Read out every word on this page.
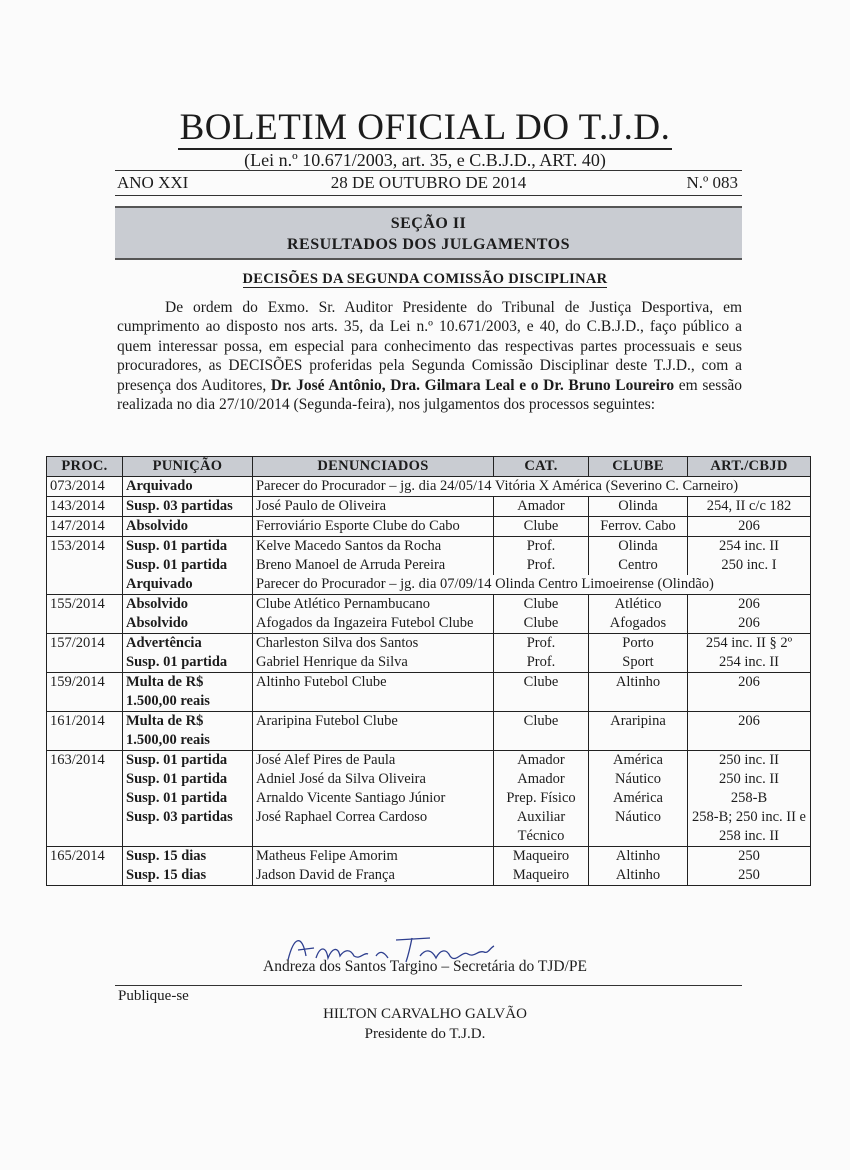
BOLETIM OFICIAL DO T.J.D.
(Lei n.º 10.671/2003, art. 35, e C.B.J.D., ART. 40)
ANO XXI	28 DE OUTUBRO DE 2014	N.º 083
SEÇÃO II
RESULTADOS DOS JULGAMENTOS
DECISÕES DA SEGUNDA COMISSÃO DISCIPLINAR

De ordem do Exmo. Sr. Auditor Presidente do Tribunal de Justiça Desportiva, em cumprimento ao disposto nos arts. 35, da Lei n.º 10.671/2003, e 40, do C.B.J.D., faço público a quem interessar possa, em especial para conhecimento das respectivas partes processuais e seus procuradores, as DECISÕES proferidas pela Segunda Comissão Disciplinar deste T.J.D., com a presença dos Auditores, Dr. José Antônio, Dra. Gilmara Leal e o Dr. Bruno Loureiro em sessão realizada no dia 27/10/2014 (Segunda-feira), nos julgamentos dos processos seguintes:

PROC.	PUNIÇÃO	DENUNCIADOS	CAT.	CLUBE	ART./CBJD
073/2014	Arquivado	Parecer do Procurador – jg. dia 24/05/14 Vitória X América (Severino C. Carneiro)			
143/2014	Susp. 03 partidas	José Paulo de Oliveira	Amador	Olinda	254, II c/c 182
147/2014	Absolvido	Ferroviário Esporte Clube do Cabo	Clube	Ferrov. Cabo	206
153/2014	Susp. 01 partida	Kelve Macedo Santos da Rocha	Prof.	Olinda	254 inc. II
	Susp. 01 partida	Breno Manoel de Arruda Pereira	Prof.	Centro	250 inc. I
	Arquivado	Parecer do Procurador – jg. dia 07/09/14 Olinda Centro Limoeirense (Olindão)			
155/2014	Absolvido	Clube Atlético Pernambucano	Clube	Atlético	206
	Absolvido	Afogados da Ingazeira Futebol Clube	Clube	Afogados	206
157/2014	Advertência	Charleston Silva dos Santos	Prof.	Porto	254 inc. II § 2º
	Susp. 01 partida	Gabriel Henrique da Silva	Prof.	Sport	254 inc. II
159/2014	Multa de R$ 1.500,00 reais	Altinho Futebol Clube	Clube	Altinho	206
161/2014	Multa de R$ 1.500,00 reais	Araripina Futebol Clube	Clube	Araripina	206
163/2014	Susp. 01 partida	José Alef Pires de Paula	Amador	América	250 inc. II
	Susp. 01 partida	Adniel José da Silva Oliveira	Amador	Náutico	250 inc. II
	Susp. 01 partida	Arnaldo Vicente Santiago Júnior	Prep. Físico	América	258-B
	Susp. 03 partidas	José Raphael Correa Cardoso	Auxiliar Técnico	Náutico	258-B; 250 inc. II e 258 inc. II
165/2014	Susp. 15 dias	Matheus Felipe Amorim	Maqueiro	Altinho	250
	Susp. 15 dias	Jadson David de França	Maqueiro	Altinho	250
Andreza dos Santos Targino – Secretária do TJD/PE
Publique-se
HILTON CARVALHO GALVÃO
Presidente do T.J.D.
